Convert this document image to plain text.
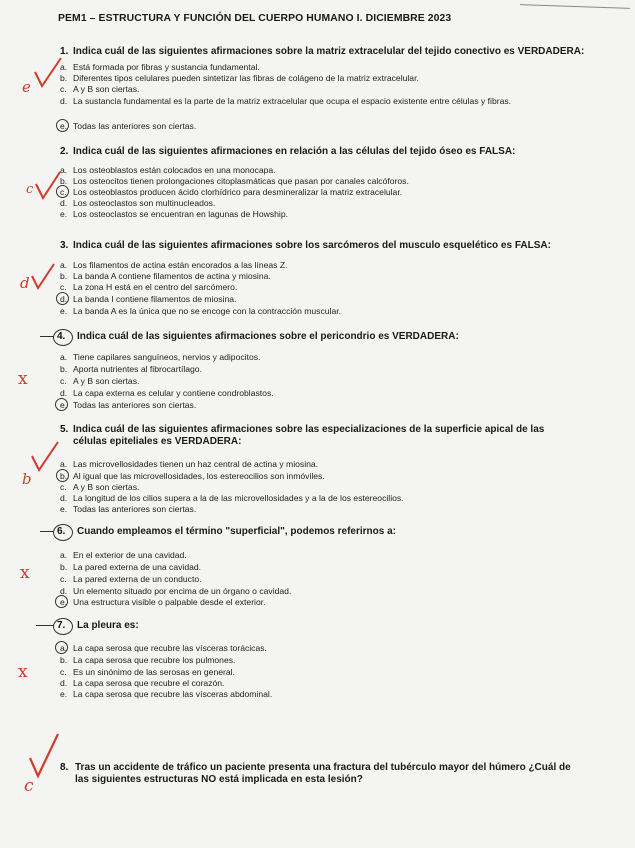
PEM1 – ESTRUCTURA Y FUNCIÓN DEL CUERPO HUMANO I. DICIEMBRE 2023
1. Indica cuál de las siguientes afirmaciones sobre la matriz extracelular del tejido conectivo es VERDADERA:
a. Está formada por fibras y sustancia fundamental.
b. Diferentes tipos celulares pueden sintetizar las fibras de colágeno de la matriz extracelular.
c. A y B son ciertas.
d. La sustancia fundamental es la parte de la matriz extracelular que ocupa el espacio existente entre células y fibras.
e. Todas las anteriores son ciertas.
e
2. Indica cuál de las siguientes afirmaciones en relación a las células del tejido óseo es FALSA:
a. Los osteoblastos están colocados en una monocapa.
b. Los osteocitos tienen prolongaciones citoplasmáticas que pasan por canales calcóforos.
c. Los osteoblastos producen ácido clorhídrico para desmineralizar la matriz extracelular.
d. Los osteoclastos son multinucleados.
e. Los osteoclastos se encuentran en lagunas de Howship.
c
3. Indica cuál de las siguientes afirmaciones sobre los sarcómeros del musculo esquelético es FALSA:
a. Los filamentos de actina están encorados a las líneas Z.
b. La banda A contiene filamentos de actina y miosina.
c. La zona H está en el centro del sarcómero.
d. La banda I contiene filamentos de miosina.
e. La banda A es la única que no se encoge con la contracción muscular.
d
4. Indica cuál de las siguientes afirmaciones sobre el pericondrio es VERDADERA:
a. Tiene capilares sanguíneos, nervios y adipocitos.
b. Aporta nutrientes al fibrocartílago.
c. A y B son ciertas.
d. La capa externa es celular y contiene condroblastos.
e. Todas las anteriores son ciertas.
x
5. Indica cuál de las siguientes afirmaciones sobre las especializaciones de la superficie apical de las células epiteliales es VERDADERA:
a. Las microvellosidades tienen un haz central de actina y miosina.
b. Al igual que las microvellosidades, los estereocilios son inmóviles.
c. A y B son ciertas.
d. La longitud de los cilios supera a la de las microvellosidades y a la de los estereocilios.
e. Todas las anteriores son ciertas.
b
6. Cuando empleamos el término "superficial", podemos referirnos a:
a. En el exterior de una cavidad.
b. La pared externa de una cavidad.
c. La pared externa de un conducto.
d. Un elemento situado por encima de un órgano o cavidad.
e. Una estructura visible o palpable desde el exterior.
x
7. La pleura es:
a. La capa serosa que recubre las vísceras torácicas.
b. La capa serosa que recubre los pulmones.
c. Es un sinónimo de las serosas en general.
d. La capa serosa que recubre el corazón.
e. La capa serosa que recubre las vísceras abdominal.
x
8. Tras un accidente de tráfico un paciente presenta una fractura del tubérculo mayor del húmero ¿Cuál de las siguientes estructuras NO está implicada en esta lesión?
c
